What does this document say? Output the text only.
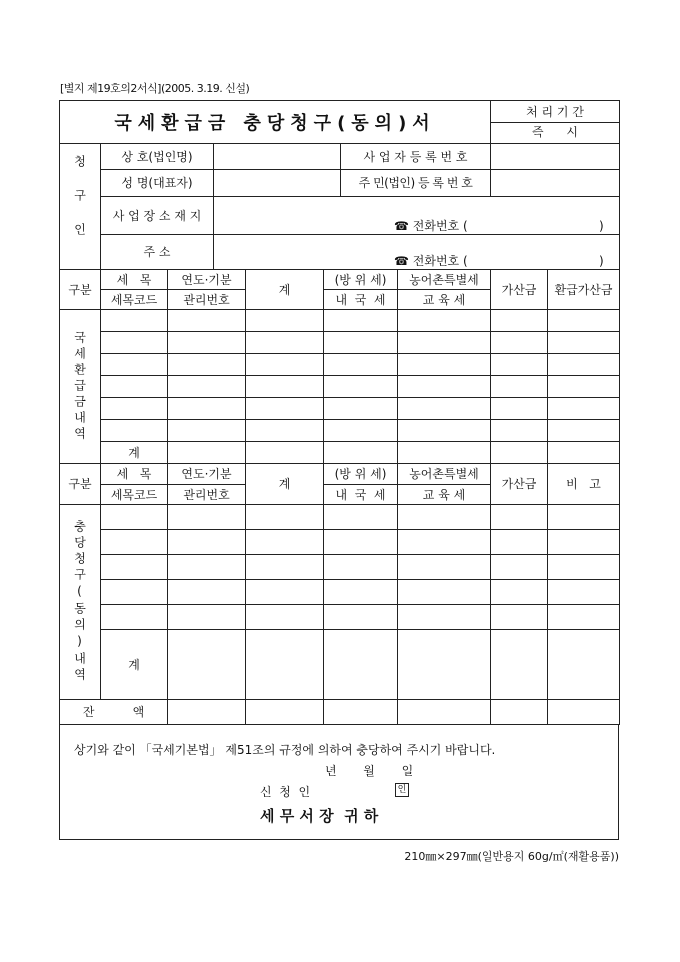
[별지 제19호의2서식](2005. 3.19. 신설)
국세환급금 충당청구(동의)서	
처 리 기 간
즉      시
청구인	상 호(법인명)		사 업 자 등 록 번 호	
	성 명(대표자)		주 민(법인) 등 록 번 호	
	사 업 장 소 재 지	☎ 전화번호 ( )		
	주 소	☎ 전화번호 ( )		
구분	세   목	연도·기분	계	(방 위 세)	농어촌특별세	가산금	환급가산금
	세목코드	관리번호		내  국  세	교 육 세		

국세환급금내역							

	계						
구분	세   목	연도·기분	계	(방 위 세)	농어촌특별세	가산금	비   고
	세목코드	관리번호		내  국  세	교 육 세		

충당청구(동의)내역							

	계						
잔          액						
상기와 같이 「국세기본법」 제51조의 규정에 의하여 충당하여 주시기 바랍니다.
년       월       일
신  청  인	인
세 무 서 장  귀 하
210㎜×297㎜(일반용지 60g/㎡(재활용품))
